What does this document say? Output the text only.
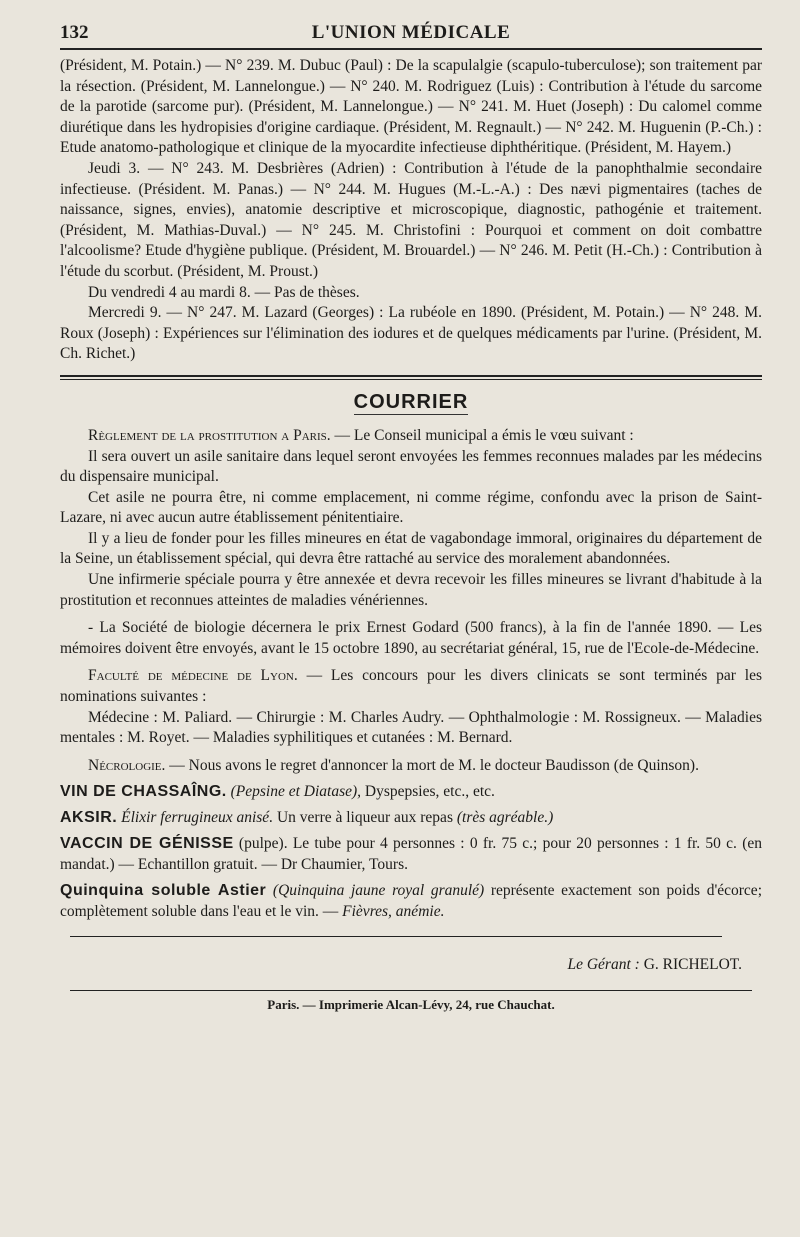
132	L'UNION MÉDICALE

(Président, M. Potain.) — N° 239. M. Dubuc (Paul) : De la scapulalgie (scapulo-tuberculose); son traitement par la résection. (Président, M. Lannelongue.) — N° 240. M. Rodriguez (Luis) : Contribution à l'étude du sarcome de la parotide (sarcome pur). (Président, M. Lannelongue.) — N° 241. M. Huet (Joseph) : Du calomel comme diurétique dans les hydropisies d'origine cardiaque. (Président, M. Regnault.) — N° 242. M. Huguenin (P.-Ch.) : Etude anatomo-pathologique et clinique de la myocardite infectieuse diphthéritique. (Président, M. Hayem.)

Jeudi 3. — N° 243. M. Desbrières (Adrien) : Contribution à l'étude de la panophthalmie secondaire infectieuse. (Président. M. Panas.) — N° 244. M. Hugues (M.-L.-A.) : Des nævi pigmentaires (taches de naissance, signes, envies), anatomie descriptive et microscopique, diagnostic, pathogénie et traitement. (Président, M. Mathias-Duval.) — N° 245. M. Christofini : Pourquoi et comment on doit combattre l'alcoolisme? Etude d'hygiène publique. (Président, M. Brouardel.) — N° 246. M. Petit (H.-Ch.) : Contribution à l'étude du scorbut. (Président, M. Proust.)

Du vendredi 4 au mardi 8. — Pas de thèses.

Mercredi 9. — N° 247. M. Lazard (Georges) : La rubéole en 1890. (Président, M. Potain.) — N° 248. M. Roux (Joseph) : Expériences sur l'élimination des iodures et de quelques médicaments par l'urine. (Président, M. Ch. Richet.)

COURRIER

Règlement de la prostitution a Paris. — Le Conseil municipal a émis le vœu suivant :

Il sera ouvert un asile sanitaire dans lequel seront envoyées les femmes reconnues malades par les médecins du dispensaire municipal.

Cet asile ne pourra être, ni comme emplacement, ni comme régime, confondu avec la prison de Saint-Lazare, ni avec aucun autre établissement pénitentiaire.

Il y a lieu de fonder pour les filles mineures en état de vagabondage immoral, originaires du département de la Seine, un établissement spécial, qui devra être rattaché au service des moralement abandonnées.

Une infirmerie spéciale pourra y être annexée et devra recevoir les filles mineures se livrant d'habitude à la prostitution et reconnues atteintes de maladies vénériennes.

- La Société de biologie décernera le prix Ernest Godard (500 francs), à la fin de l'année 1890. — Les mémoires doivent être envoyés, avant le 15 octobre 1890, au secrétariat général, 15, rue de l'Ecole-de-Médecine.

Faculté de médecine de Lyon. — Les concours pour les divers clinicats se sont terminés par les nominations suivantes :

Médecine : M. Paliard. — Chirurgie : M. Charles Audry. — Ophthalmologie : M. Rossigneux. — Maladies mentales : M. Royet. — Maladies syphilitiques et cutanées : M. Bernard.

Nécrologie. — Nous avons le regret d'annoncer la mort de M. le docteur Baudisson (de Quinson).

VIN DE CHASSAÎNG. (Pepsine et Diatase), Dyspepsies, etc., etc.
AKSIR. Élixir ferrugineux anisé. Un verre à liqueur aux repas (très agréable.)
VACCIN DE GÉNISSE (pulpe). Le tube pour 4 personnes : 0 fr. 75 c.; pour 20 personnes : 1 fr. 50 c. (en mandat.) — Echantillon gratuit. — Dr Chaumier, Tours.
Quinquina soluble Astier (Quinquina jaune royal granulé) représente exactement son poids d'écorce; complètement soluble dans l'eau et le vin. — Fièvres, anémie.
Le Gérant : G. RICHELOT.
Paris. — Imprimerie Alcan-Lévy, 24, rue Chauchat.
